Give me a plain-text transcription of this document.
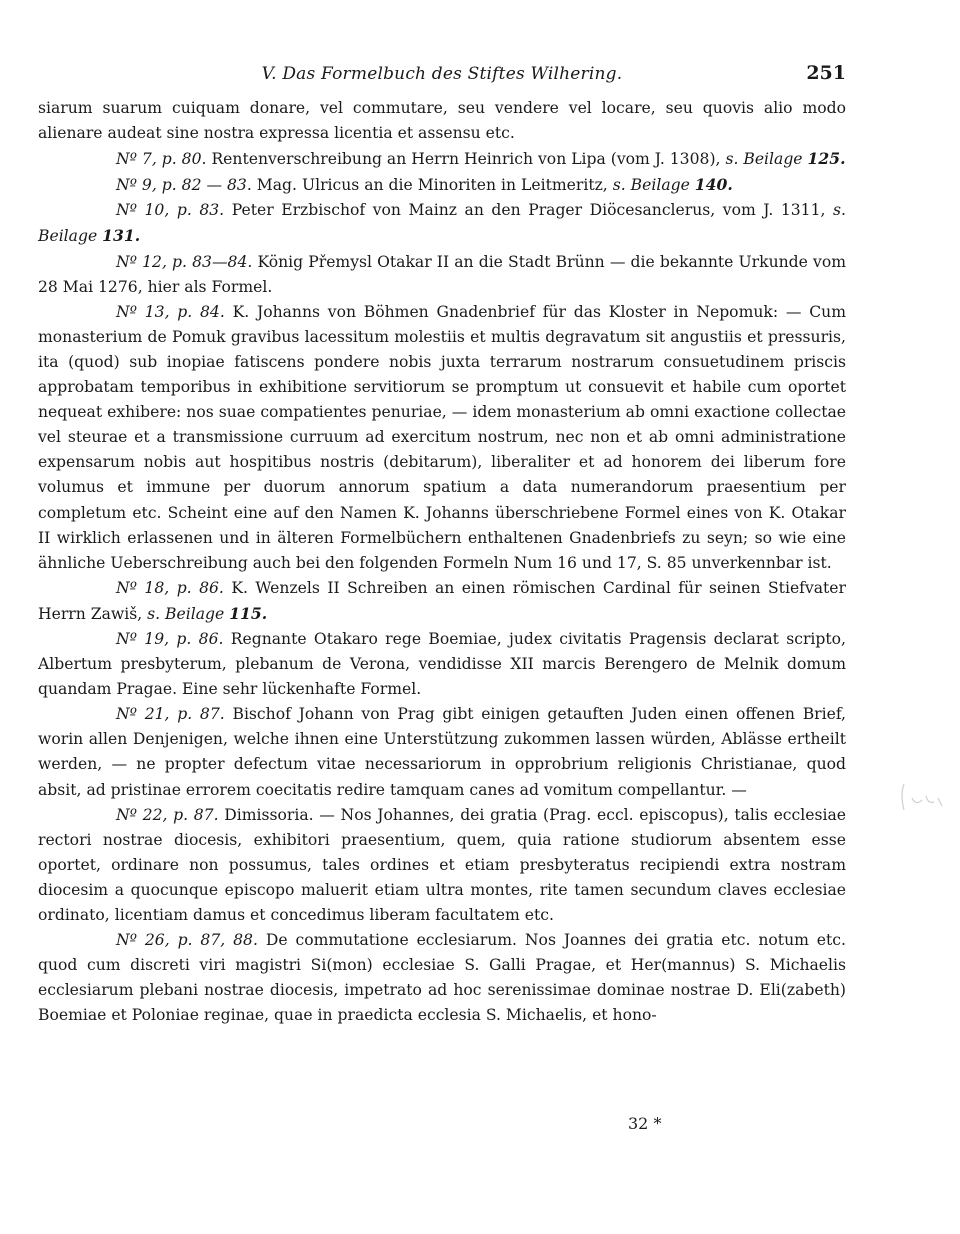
V. Das Formelbuch des Stiftes Wilhering.	251

siarum suarum cuiquam donare, vel commutare, seu vendere vel locare, seu quovis alio modo alienare audeat sine nostra expressa licentia et assensu etc.

Nº 7, p. 80. Rentenverschreibung an Herrn Heinrich von Lipa (vom J. 1308), s. Beilage 125.

Nº 9, p. 82 — 83. Mag. Ulricus an die Minoriten in Leitmeritz, s. Beilage 140.

Nº 10, p. 83. Peter Erzbischof von Mainz an den Prager Diöcesanclerus, vom J. 1311, s. Beilage 131.

Nº 12, p. 83—84. König Přemysl Otakar II an die Stadt Brünn — die bekannte Urkunde vom 28 Mai 1276, hier als Formel.

Nº 13, p. 84. K. Johanns von Böhmen Gnadenbrief für das Kloster in Nepomuk: — Cum monasterium de Pomuk gravibus lacessitum molestiis et multis degravatum sit angustiis et pressuris, ita (quod) sub inopiae fatiscens pondere nobis juxta terrarum nostrarum consuetudinem priscis approbatam temporibus in exhibitione servitiorum se promptum ut consuevit et habile cum oportet nequeat exhibere: nos suae compatientes penuriae, — idem monasterium ab omni exactione collectae vel steurae et a transmissione curruum ad exercitum nostrum, nec non et ab omni administratione expensarum nobis aut hospitibus nostris (debitarum), liberaliter et ad honorem dei liberum fore volumus et immune per duorum annorum spatium a data numerandorum praesentium per completum etc. Scheint eine auf den Namen K. Johanns überschriebene Formel eines von K. Otakar II wirklich erlassenen und in älteren Formelbüchern enthaltenen Gnadenbriefs zu seyn; so wie eine ähnliche Ueberschreibung auch bei den folgenden Formeln Num 16 und 17, S. 85 unverkennbar ist.

Nº 18, p. 86. K. Wenzels II Schreiben an einen römischen Cardinal für seinen Stiefvater Herrn Zawiš, s. Beilage 115.

Nº 19, p. 86. Regnante Otakaro rege Boemiae, judex civitatis Pragensis declarat scripto, Albertum presbyterum, plebanum de Verona, vendidisse XII marcis Berengero de Melnik domum quandam Pragae. Eine sehr lückenhafte Formel.

Nº 21, p. 87. Bischof Johann von Prag gibt einigen getauften Juden einen offenen Brief, worin allen Denjenigen, welche ihnen eine Unterstützung zukommen lassen würden, Ablässe ertheilt werden, — ne propter defectum vitae necessariorum in opprobrium religionis Christianae, quod absit, ad pristinae errorem coecitatis redire tamquam canes ad vomitum compellantur. —

Nº 22, p. 87. Dimissoria. — Nos Johannes, dei gratia (Prag. eccl. episcopus), talis ecclesiae rectori nostrae diocesis, exhibitori praesentium, quem, quia ratione studiorum absentem esse oportet, ordinare non possumus, tales ordines et etiam presbyteratus recipiendi extra nostram diocesim a quocunque episcopo maluerit etiam ultra montes, rite tamen secundum claves ecclesiae ordinato, licentiam damus et concedimus liberam facultatem etc.

Nº 26, p. 87, 88. De commutatione ecclesiarum. Nos Joannes dei gratia etc. notum etc. quod cum discreti viri magistri Si(mon) ecclesiae S. Galli Pragae, et Her(mannus) S. Michaelis ecclesiarum plebani nostrae diocesis, impetrato ad hoc serenissimae dominae nostrae D. Eli(zabeth) Boemiae et Poloniae reginae, quae in praedicta ecclesia S. Michaelis, et hono-

32 *
